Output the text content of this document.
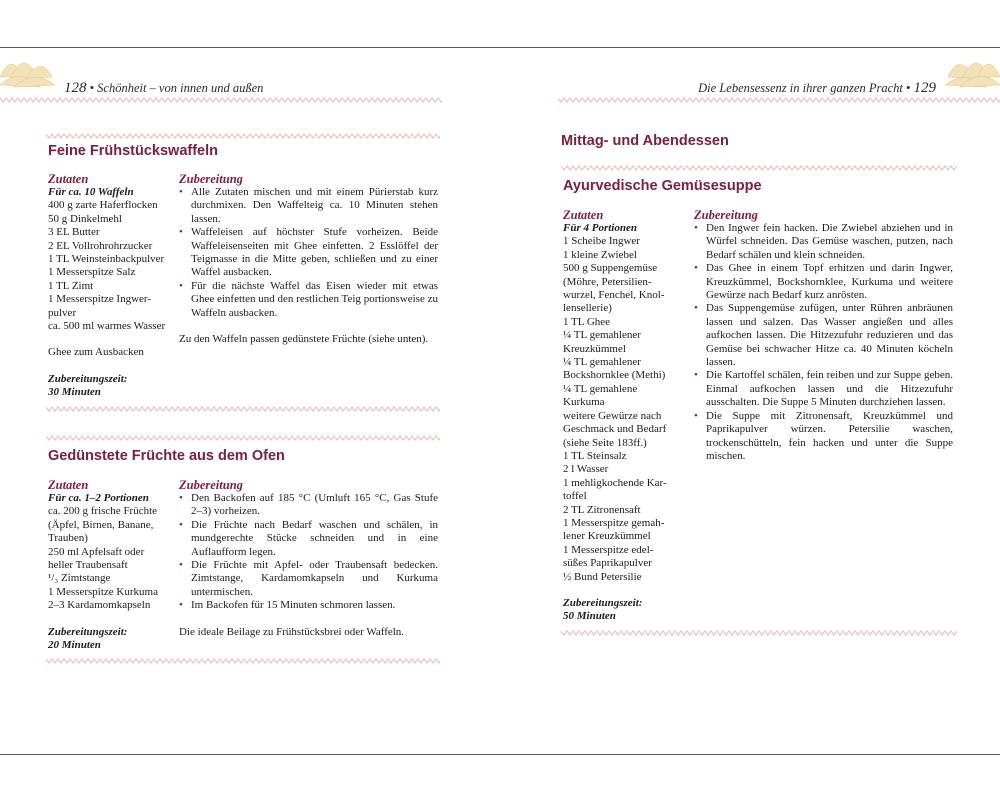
128 • Schönheit – von innen und außen	Die Lebensessenz in ihrer ganzen Pracht • 129
Mittag- und Abendessen
Feine Frühstückswaffeln
Zutaten
Für ca. 10 Waffeln
400 g zarte Haferflocken
50 g Dinkelmehl
3 EL Butter
2 EL Vollrohrohrzucker
1 TL Weinsteinbackpulver
1 Messerspitze Salz
1 TL Zimt
1 Messerspitze Ingwer-
pulver
ca. 500 ml warmes Wasser
Ghee zum Ausbacken
Zubereitungszeit:
30 Minuten
Zubereitung
• Alle Zutaten mischen und mit einem Pürierstab kurz durchmixen. Den Waffelteig ca. 10 Minuten stehen lassen.
• Waffeleisen auf höchster Stufe vorheizen. Beide Waffeleisenseiten mit Ghee einfetten. 2 Esslöffel der Teigmasse in die Mitte geben, schließen und zu einer Waffel ausbacken.
• Für die nächste Waffel das Eisen wieder mit etwas Ghee einfetten und den restlichen Teig portionsweise zu Waffeln ausbacken.
Zu den Waffeln passen gedünstete Früchte (siehe unten).
Gedünstete Früchte aus dem Ofen
Zutaten
Für ca. 1–2 Portionen
ca. 200 g frische Früchte
(Äpfel, Birnen, Banane,
Trauben)
250 ml Apfelsaft oder
heller Traubensaft
¹/₃ Zimtstange
1 Messerspitze Kurkuma
2–3 Kardamomkapseln
Zubereitungszeit:
20 Minuten
Zubereitung
• Den Backofen auf 185 °C (Umluft 165 °C, Gas Stufe 2–3) vorheizen.
• Die Früchte nach Bedarf waschen und schälen, in mundgerechte Stücke schneiden und in eine Auflaufform legen.
• Die Früchte mit Apfel- oder Traubensaft bedecken. Zimtstange, Kardamomkapseln und Kurkuma untermischen.
• Im Backofen für 15 Minuten schmoren lassen.
Die ideale Beilage zu Frühstücksbrei oder Waffeln.
Ayurvedische Gemüsesuppe
Zutaten
Für 4 Portionen
1 Scheibe Ingwer
1 kleine Zwiebel
500 g Suppengemüse
(Möhre, Petersilien-
wurzel, Fenchel, Knol-
lensellerie)
1 TL Ghee
¼ TL gemahlener
Kreuzkümmel
¼ TL gemahlener
Bockshornklee (Methi)
¼ TL gemahlene
Kurkuma
weitere Gewürze nach
Geschmack und Bedarf
(siehe Seite 183ff.)
1 TL Steinsalz
2 l Wasser
1 mehligkochende Kar-
toffel
2 TL Zitronensaft
1 Messerspitze gemah-
lener Kreuzkümmel
1 Messerspitze edel-
süßes Paprikapulver
½ Bund Petersilie
Zubereitungszeit:
50 Minuten
Zubereitung
• Den Ingwer fein hacken. Die Zwiebel abziehen und in Würfel schneiden. Das Gemüse waschen, putzen, nach Bedarf schälen und klein schneiden.
• Das Ghee in einem Topf erhitzen und darin Ingwer, Kreuzkümmel, Bockshornklee, Kurkuma und weitere Gewürze nach Bedarf kurz anrösten.
• Das Suppengemüse zufügen, unter Rühren anbräunen lassen und salzen. Das Wasser angießen und alles aufkochen lassen. Die Hitzezufuhr reduzieren und das Gemüse bei schwacher Hitze ca. 40 Minuten köcheln lassen.
• Die Kartoffel schälen, fein reiben und zur Suppe geben. Einmal aufkochen lassen und die Hitzezufuhr ausschalten. Die Suppe 5 Minuten durchziehen lassen.
• Die Suppe mit Zitronensaft, Kreuzkümmel und Paprikapulver würzen. Petersilie waschen, trockenschütteln, fein hacken und unter die Suppe mischen.
